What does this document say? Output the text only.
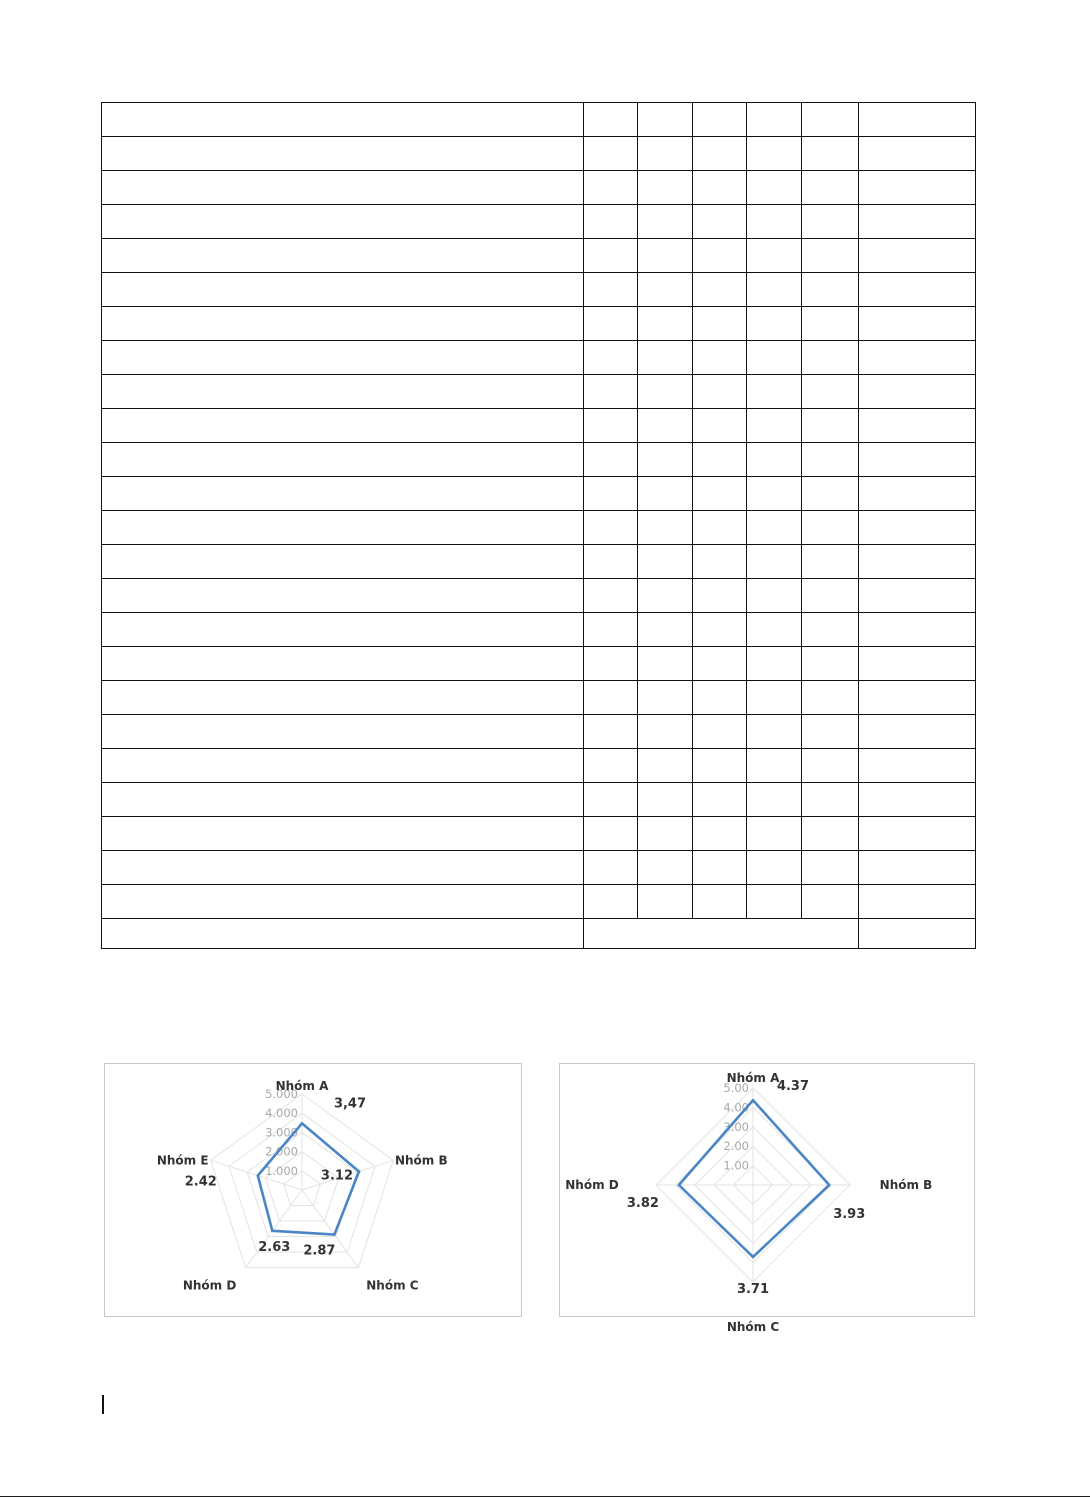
1.000
2.000
3.000
4.000
5.000
3,47
3.12
2.87
2.63
2.42
Nhóm A
Nhóm B
Nhóm C
Nhóm D
Nhóm E	1.00
2.00
3.00
4.00
5.00 4.37
3.93
3.71
3.82
Nhóm A
Nhóm B
Nhóm C
Nhóm D
